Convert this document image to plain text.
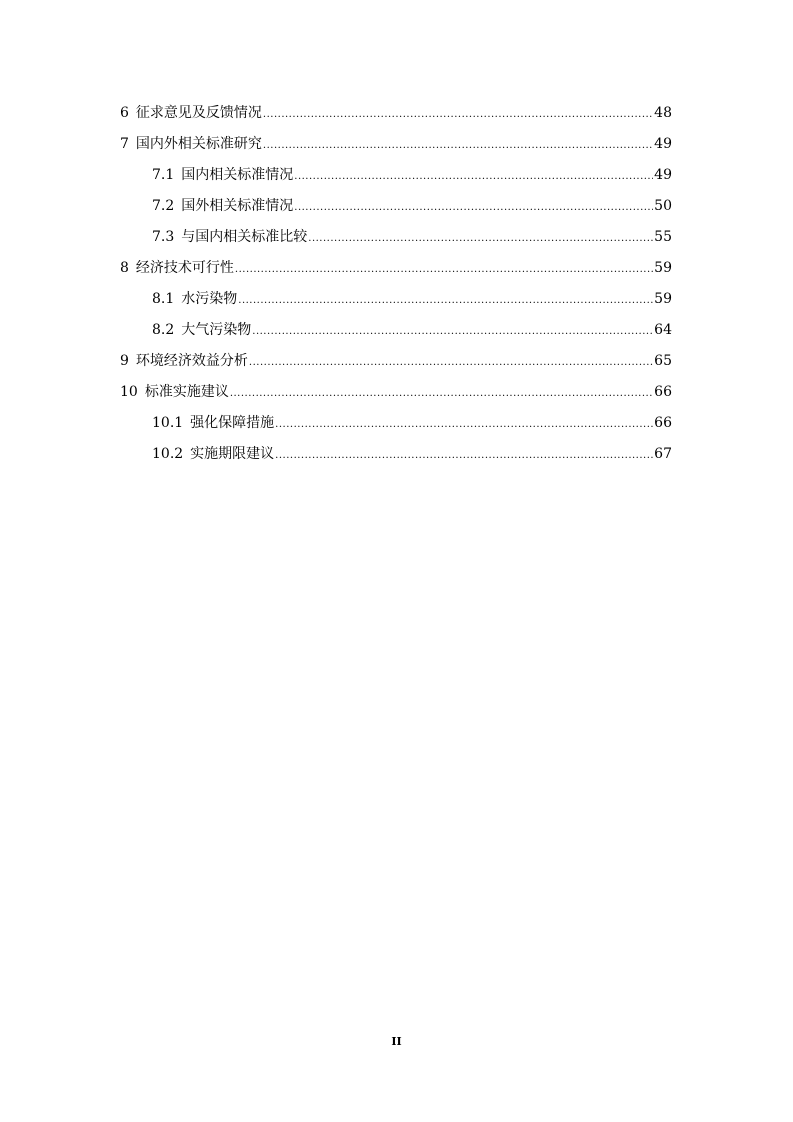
6 征求意见及反馈情况 .....	48
7 国内外相关标准研究 .....	49
7.1 国内相关标准情况 .....	49
7.2 国外相关标准情况 .....	50
7.3 与国内相关标准比较 .....	55
8 经济技术可行性 .....	59
8.1 水污染物 .....	59
8.2 大气污染物 .....	64
9 环境经济效益分析 .....	65
10 标准实施建议 .....	66
10.1 强化保障措施 .....	66
10.2 实施期限建议 .....	67
II
